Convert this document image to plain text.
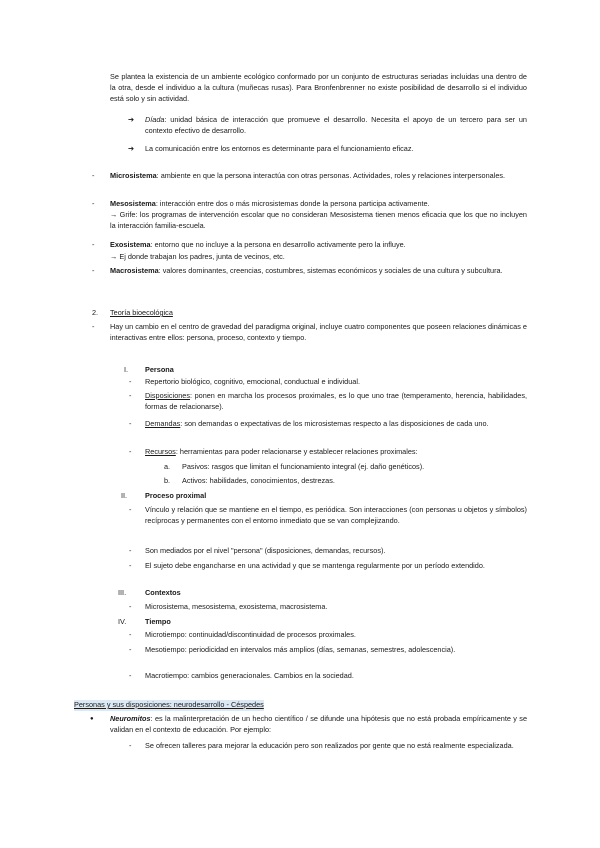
Se plantea la existencia de un ambiente ecológico conformado por un conjunto de estructuras seriadas incluidas una dentro de la otra, desde el individuo a la cultura (muñecas rusas). Para Bronfenbrenner no existe posibilidad de desarrollo si el individuo está solo y sin actividad.
➔ Díada: unidad básica de interacción que promueve el desarrollo. Necesita el apoyo de un tercero para ser un contexto efectivo de desarrollo.
➔ La comunicación entre los entornos es determinante para el funcionamiento eficaz.
- Microsistema: ambiente en que la persona interactúa con otras personas. Actividades, roles y relaciones interpersonales.
- Mesosistema: interacción entre dos o más microsistemas donde la persona participa activamente.
→ Grife: los programas de intervención escolar que no consideran Mesosistema tienen menos eficacia que los que no incluyen la interacción familia-escuela.
- Exosistema: entorno que no incluye a la persona en desarrollo activamente pero la influye.
→ Ej donde trabajan los padres, junta de vecinos, etc.
- Macrosistema: valores dominantes, creencias, costumbres, sistemas económicos y sociales de una cultura y subcultura.
2. Teoría bioecológica
- Hay un cambio en el centro de gravedad del paradigma original, incluye cuatro componentes que poseen relaciones dinámicas e interactivas entre ellos: persona, proceso, contexto y tiempo.
I. Persona
- Repertorio biológico, cognitivo, emocional, conductual e individual.
- Disposiciones: ponen en marcha los procesos proximales, es lo que uno trae (temperamento, herencia, habilidades, formas de relacionarse).
- Demandas: son demandas o expectativas de los microsistemas respecto a las disposiciones de cada uno.
- Recursos: herramientas para poder relacionarse y establecer relaciones proximales:
a. Pasivos: rasgos que limitan el funcionamiento integral (ej. daño genéticos).
b. Activos: habilidades, conocimientos, destrezas.
II. Proceso proximal
- Vínculo y relación que se mantiene en el tiempo, es periódica. Son interacciones (con personas u objetos y símbolos) recíprocas y permanentes con el entorno inmediato que se van complejizando.
- Son mediados por el nivel "persona" (disposiciones, demandas, recursos).
- El sujeto debe engancharse en una actividad y que se mantenga regularmente por un período extendido.
III.	Contextos
- Microsistema, mesosistema, exosistema, macrosistema.
IV.	Tiempo
- Microtiempo: continuidad/discontinuidad de procesos proximales.
- Mesotiempo: periodicidad en intervalos más amplios (días, semanas, semestres, adolescencia).
- Macrotiempo: cambios generacionales. Cambios en la sociedad.
Personas y sus disposiciones: neurodesarrollo - Céspedes
● Neuromitos: es la malinterpretación de un hecho científico / se difunde una hipótesis que no está probada empíricamente y se validan en el contexto de educación. Por ejemplo:
- Se ofrecen talleres para mejorar la educación pero son realizados por gente que no está realmente especializada.
